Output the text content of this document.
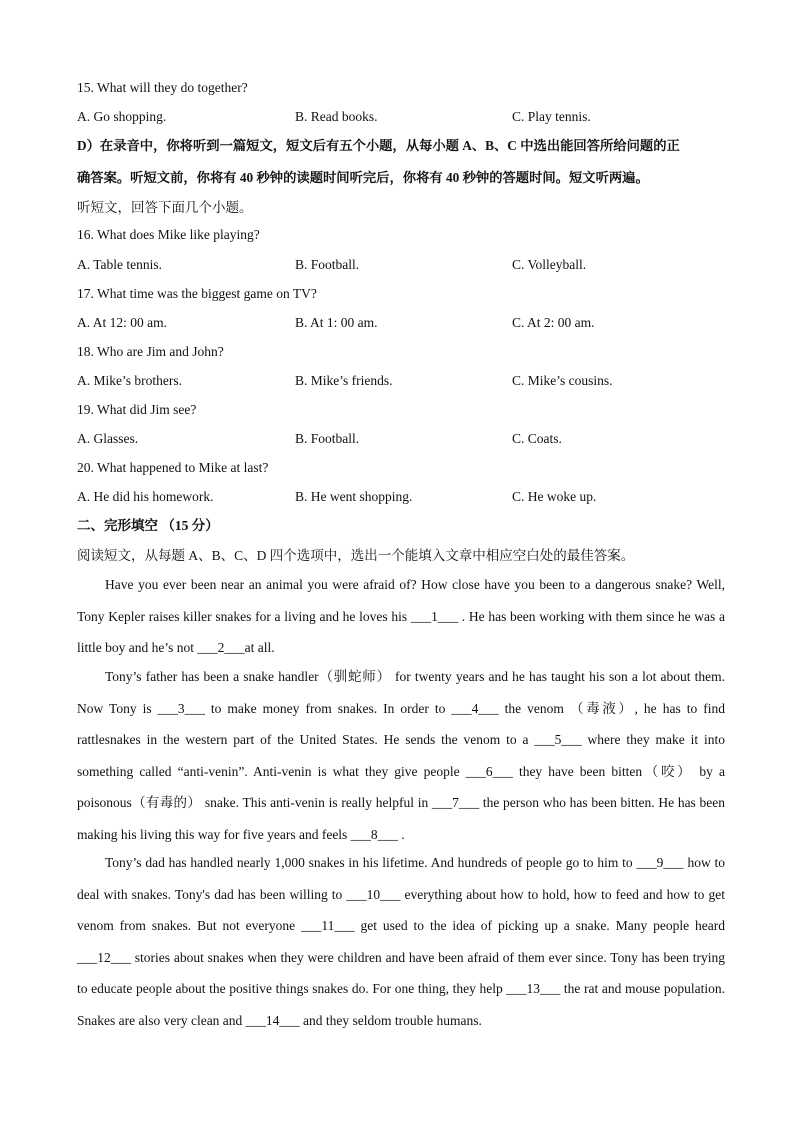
15. What will they do together?
A. Go shopping.	B. Read books.	C. Play tennis.
D）在录音中，你将听到一篇短文，短文后有五个小题，从每小题 A、B、C 中选出能回答所给问题的正
确答案。听短文前，你将有 40 秒钟的读题时间听完后，你将有 40 秒钟的答题时间。短文听两遍。
听短文，回答下面几个小题。
16. What does Mike like playing?
A. Table tennis.	B. Football.	C. Volleyball.
17. What time was the biggest game on TV?
A. At 12: 00 am.	B. At 1: 00 am.	C. At 2: 00 am.
18. Who are Jim and John?
A. Mike’s brothers.	B. Mike’s friends.	C. Mike’s cousins.
19. What did Jim see?
A. Glasses.	B. Football.	C. Coats.
20. What happened to Mike at last?
A. He did his homework.	B. He went shopping.	C. He woke up.
二、完形填空 （15 分）
阅读短文，从每题 A、B、C、D 四个选项中，选出一个能填入文章中相应空白处的最佳答案。
Have you ever been near an animal you were afraid of? How close have you been to a dangerous snake? Well, Tony Kepler raises killer snakes for a living and he loves his ___1___ . He has been working with them since he was a little boy and he’s not ___2___at all.
Tony’s father has been a snake handler（驯蛇师） for twenty years and he has taught his son a lot about them. Now Tony is ___3___ to make money from snakes. In order to ___4___ the venom （毒液）, he has to find rattlesnakes in the western part of the United States. He sends the venom to a ___5___ where they make it into something called “anti-venin”. Anti-venin is what they give people ___6___ they have been bitten（咬） by a poisonous（有毒的） snake. This anti-venin is really helpful in ___7___ the person who has been bitten. He has been making his living this way for five years and feels ___8___ .
Tony’s dad has handled nearly 1,000 snakes in his lifetime. And hundreds of people go to him to ___9___ how to deal with snakes. Tony's dad has been willing to ___10___ everything about how to hold, how to feed and how to get venom from snakes. But not everyone ___11___ get used to the idea of picking up a snake. Many people heard ___12___ stories about snakes when they were children and have been afraid of them ever since. Tony has been trying to educate people about the positive things snakes do. For one thing, they help ___13___ the rat and mouse population. Snakes are also very clean and ___14___ and they seldom trouble humans.
